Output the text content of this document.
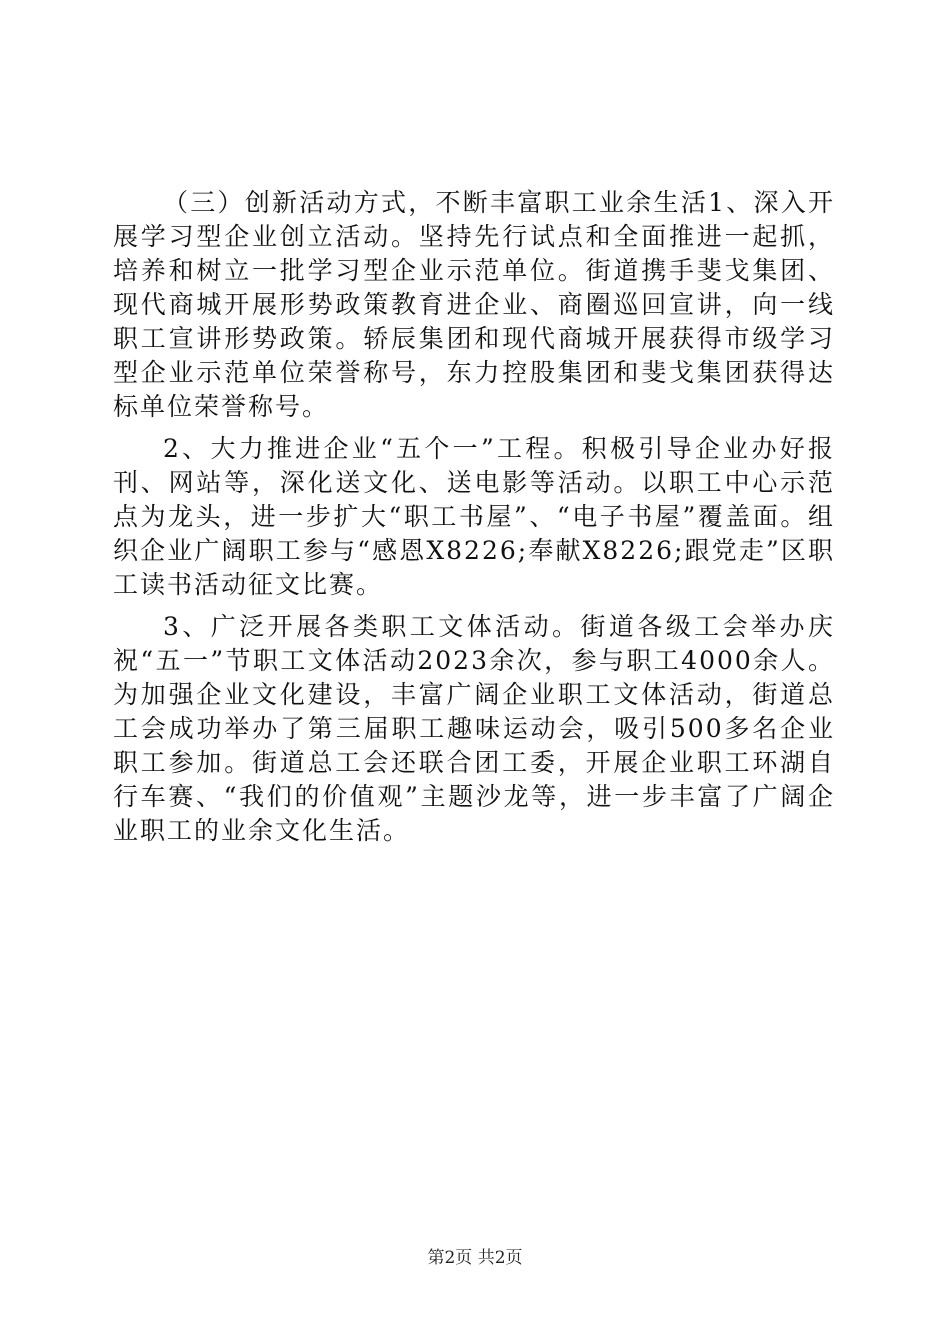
（三）创新活动方式，不断丰富职工业余生活1、深入开展学习型企业创立活动。坚持先行试点和全面推进一起抓，培养和树立一批学习型企业示范单位。街道携手斐戈集团、现代商城开展形势政策教育进企业、商圈巡回宣讲，向一线职工宣讲形势政策。轿辰集团和现代商城开展获得市级学习型企业示范单位荣誉称号，东力控股集团和斐戈集团获得达标单位荣誉称号。

2、大力推进企业“五个一”工程。积极引导企业办好报刊、网站等，深化送文化、送电影等活动。以职工中心示范点为龙头，进一步扩大“职工书屋”、“电子书屋”覆盖面。组织企业广阔职工参与“感恩X8226;奉献X8226;跟党走”区职工读书活动征文比赛。

3、广泛开展各类职工文体活动。街道各级工会举办庆祝“五一”节职工文体活动2023余次，参与职工4000余人。为加强企业文化建设，丰富广阔企业职工文体活动，街道总工会成功举办了第三届职工趣味运动会，吸引500多名企业职工参加。街道总工会还联合团工委，开展企业职工环湖自行车赛、“我们的价值观”主题沙龙等，进一步丰富了广阔企业职工的业余文化生活。

第2页 共2页
